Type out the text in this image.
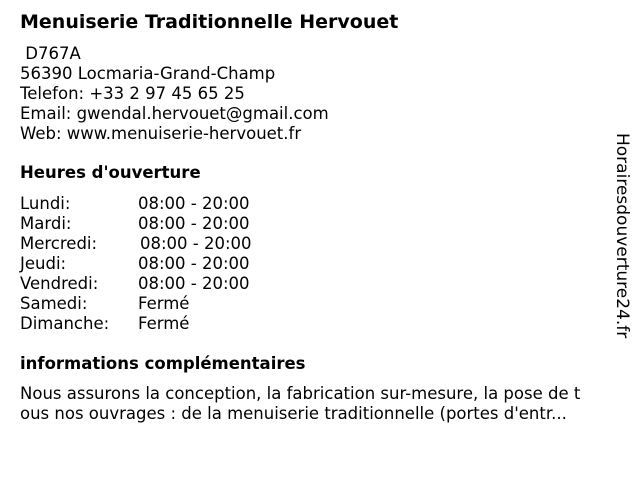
Menuiserie Traditionnelle Hervouet
D767A
56390 Locmaria-Grand-Champ
Telefon: +33 2 97 45 65 25
Email: gwendal.hervouet@gmail.com
Web: www.menuiserie-hervouet.fr
Heures d'ouverture
Lundi:	08:00 - 20:00
Mardi:	08:00 - 20:00
Mercredi:	08:00 - 20:00
Jeudi:	08:00 - 20:00
Vendredi: 08:00 - 20:00
Samedi:	Fermé
Dimanche: Fermé
informations complémentaires
Nous assurons la conception, la fabrication sur-mesure, la pose de t
ous nos ouvrages : de la menuiserie traditionnelle (portes d'entr...
Horairesdouverture24.fr
